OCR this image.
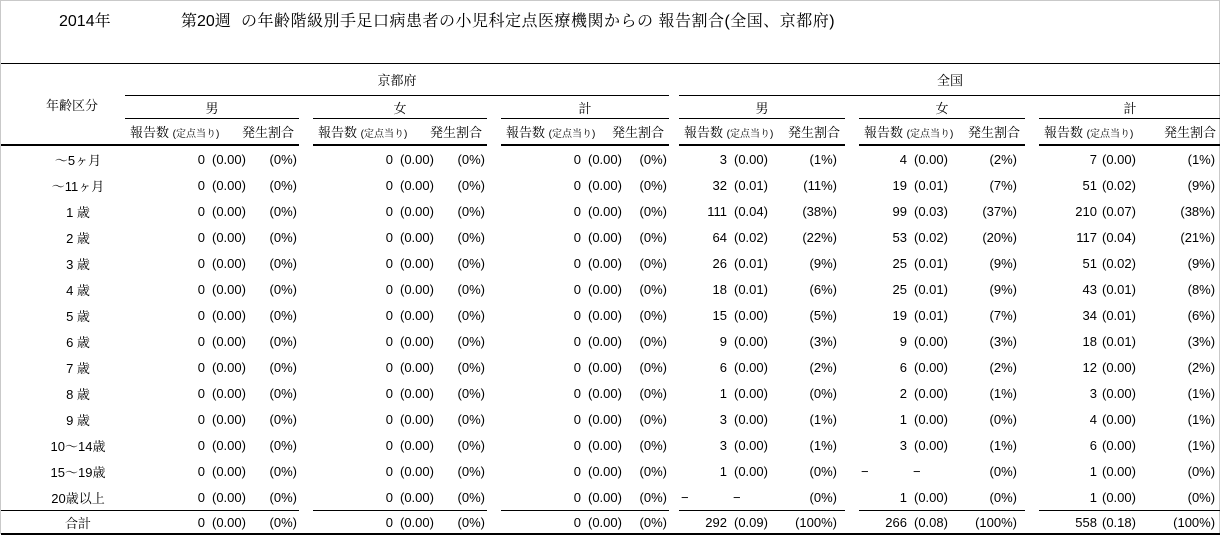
2014年	第20週 の年齢階級別手足口病患者の小児科定点医療機関からの 報告割合(全国、京都府)
年齢区分	京都府												全国										
	男				女				計				男				女				計		

	報告数 (定点当り) 発生割合				報告数 (定点当り) 発生割合				報告数 (定点当り) 発生割合				報告数 (定点当り) 発生割合				報告数 (定点当り) 発生割合				報告数 (定点当り) 発生割合		

～5ヶ月	0	(0.00)	(0%)		0	(0.00)	(0%)		0	(0.00)	(0%)		3	(0.00)	(1%)		4	(0.00)	(2%)		7	(0.00)	(1%)
～11ヶ月	0	(0.00)	(0%)		0	(0.00)	(0%)		0	(0.00)	(0%)		32	(0.01)	(11%)		19	(0.01)	(7%)		51	(0.02)	(9%)
1 歳	0	(0.00)	(0%)		0	(0.00)	(0%)		0	(0.00)	(0%)		111	(0.04)	(38%)		99	(0.03)	(37%)		210	(0.07)	(38%)
2 歳	0	(0.00)	(0%)		0	(0.00)	(0%)		0	(0.00)	(0%)		64	(0.02)	(22%)		53	(0.02)	(20%)		117	(0.04)	(21%)
3 歳	0	(0.00)	(0%)		0	(0.00)	(0%)		0	(0.00)	(0%)		26	(0.01)	(9%)		25	(0.01)	(9%)		51	(0.02)	(9%)
4 歳	0	(0.00)	(0%)		0	(0.00)	(0%)		0	(0.00)	(0%)		18	(0.01)	(6%)		25	(0.01)	(9%)		43	(0.01)	(8%)
5 歳	0	(0.00)	(0%)		0	(0.00)	(0%)		0	(0.00)	(0%)		15	(0.00)	(5%)		19	(0.01)	(7%)		34	(0.01)	(6%)
6 歳	0	(0.00)	(0%)		0	(0.00)	(0%)		0	(0.00)	(0%)		9	(0.00)	(3%)		9	(0.00)	(3%)		18	(0.01)	(3%)
7 歳	0	(0.00)	(0%)		0	(0.00)	(0%)		0	(0.00)	(0%)		6	(0.00)	(2%)		6	(0.00)	(2%)		12	(0.00)	(2%)
8 歳	0	(0.00)	(0%)		0	(0.00)	(0%)		0	(0.00)	(0%)		1	(0.00)	(0%)		2	(0.00)	(1%)		3	(0.00)	(1%)
9 歳	0	(0.00)	(0%)		0	(0.00)	(0%)		0	(0.00)	(0%)		3	(0.00)	(1%)		1	(0.00)	(0%)		4	(0.00)	(1%)
10～14歳	0	(0.00)	(0%)		0	(0.00)	(0%)		0	(0.00)	(0%)		3	(0.00)	(1%)		3	(0.00)	(1%)		6	(0.00)	(1%)
15～19歳	0	(0.00)	(0%)		0	(0.00)	(0%)		0	(0.00)	(0%)		1	(0.00)	(0%)		−	−	(0%)		1	(0.00)	(0%)
20歳以上	0	(0.00)	(0%)		0	(0.00)	(0%)		0	(0.00)	(0%)		−	−	(0%)		1	(0.00)	(0%)		1	(0.00)	(0%)
合計	0	(0.00)	(0%)		0	(0.00)	(0%)		0	(0.00)	(0%)		292	(0.09)	(100%)		266	(0.08)	(100%)		558	(0.18)	(100%)
